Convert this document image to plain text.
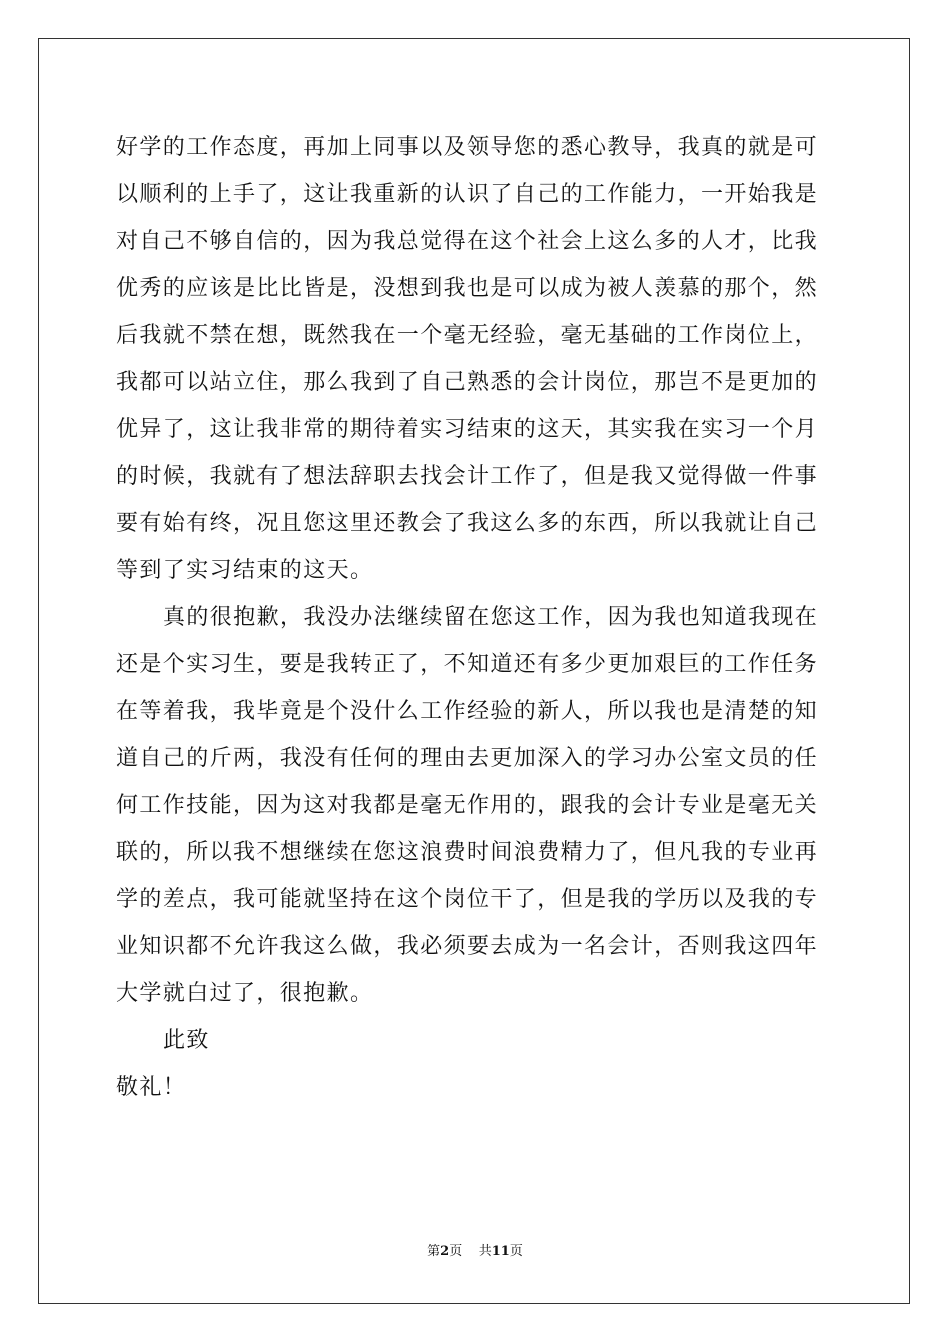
好学的工作态度，再加上同事以及领导您的悉心教导，我真的就是可
以顺利的上手了，这让我重新的认识了自己的工作能力，一开始我是
对自己不够自信的，因为我总觉得在这个社会上这么多的人才，比我
优秀的应该是比比皆是，没想到我也是可以成为被人羡慕的那个，然
后我就不禁在想，既然我在一个毫无经验，毫无基础的工作岗位上，
我都可以站立住，那么我到了自己熟悉的会计岗位，那岂不是更加的
优异了，这让我非常的期待着实习结束的这天，其实我在实习一个月
的时候，我就有了想法辞职去找会计工作了，但是我又觉得做一件事
要有始有终，况且您这里还教会了我这么多的东西，所以我就让自己
等到了实习结束的这天。
真的很抱歉，我没办法继续留在您这工作，因为我也知道我现在
还是个实习生，要是我转正了，不知道还有多少更加艰巨的工作任务
在等着我，我毕竟是个没什么工作经验的新人，所以我也是清楚的知
道自己的斤两，我没有任何的理由去更加深入的学习办公室文员的任
何工作技能，因为这对我都是毫无作用的，跟我的会计专业是毫无关
联的，所以我不想继续在您这浪费时间浪费精力了，但凡我的专业再
学的差点，我可能就坚持在这个岗位干了，但是我的学历以及我的专
业知识都不允许我这么做，我必须要去成为一名会计，否则我这四年
大学就白过了，很抱歉。
此致
敬礼！
第2页 共11页
